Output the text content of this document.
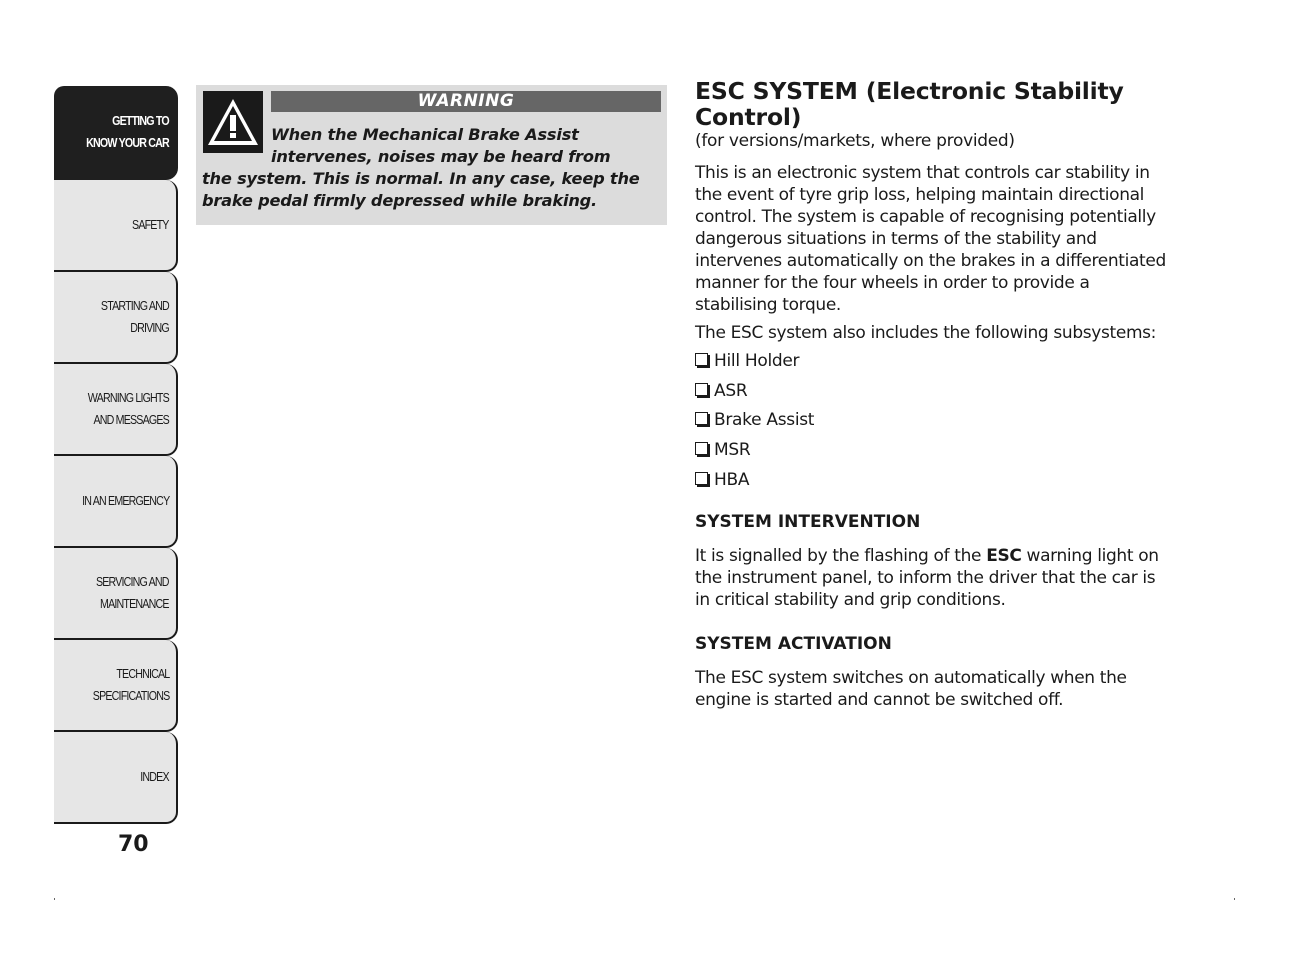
GETTING TO
KNOW YOUR CAR
SAFETY
STARTING AND
DRIVING
WARNING LIGHTS
AND MESSAGES
IN AN EMERGENCY
SERVICING AND
MAINTENANCE
TECHNICAL
SPECIFICATIONS
INDEX
70
WARNING
When the Mechanical Brake Assist
intervenes, noises may be heard from
the system. This is normal. In any case, keep the
brake pedal firmly depressed while braking.
ESC SYSTEM (Electronic Stability Control)

(for versions/markets, where provided)

This is an electronic system that controls car stability in the event of tyre grip loss, helping maintain directional control. The system is capable of recognising potentially dangerous situations in terms of the stability and intervenes automatically on the brakes in a differentiated manner for the four wheels in order to provide a stabilising torque.

The ESC system also includes the following subsystems:

Hill Holder
ASR
Brake Assist
MSR
HBA
SYSTEM INTERVENTION

It is signalled by the flashing of the ESC warning light on the instrument panel, to inform the driver that the car is in critical stability and grip conditions.

SYSTEM ACTIVATION

The ESC system switches on automatically when the engine is started and cannot be switched off.
